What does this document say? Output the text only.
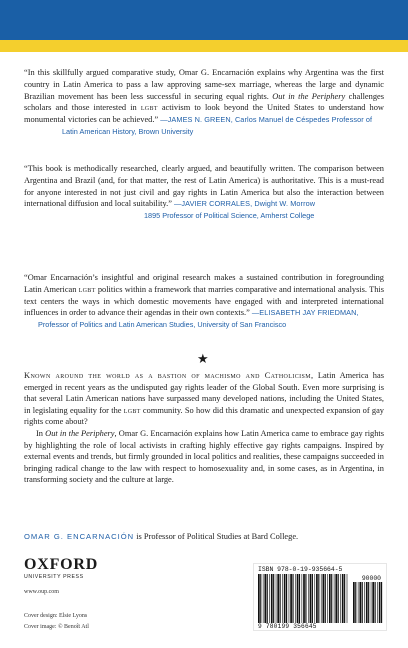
“In this skillfully argued comparative study, Omar G. Encarnación explains why Argentina was the first country in Latin America to pass a law approving same-sex marriage, whereas the large and dynamic Brazilian movement has been less successful in securing equal rights. Out in the Periphery challenges scholars and those interested in lgbt activism to look beyond the United States to understand how monumental victories can be achieved.” —JAMES N. GREEN, Carlos Manuel de Céspedes Professor of
Latin American History, Brown University
“This book is methodically researched, clearly argued, and beautifully written. The comparison between Argentina and Brazil (and, for that matter, the rest of Latin America) is authoritative. This is a must-read for anyone interested in not just civil and gay rights in Latin America but also the interaction between international diffusion and local suitability.” —JAVIER CORRALES, Dwight W. Morrow
1895 Professor of Political Science, Amherst College
“Omar Encarnación’s insightful and original research makes a sustained contribution in foregrounding Latin American lgbt politics within a framework that marries comparative and international analysis. This text centers the ways in which domestic movements have engaged with and interpreted international influences in order to advance their agendas in their own contexts.” —ELISABETH JAY FRIEDMAN,
Professor of Politics and Latin American Studies, University of San Francisco
★

Known around the world as a bastion of machismo and Catholicism, Latin America has emerged in recent years as the undisputed gay rights leader of the Global South. Even more surprising is that several Latin American nations have surpassed many developed nations, including the United States, in legislating equality for the lgbt community. So how did this dramatic and unexpected expansion of gay rights come about?

In Out in the Periphery, Omar G. Encarnación explains how Latin America came to embrace gay rights by highlighting the role of local activists in crafting highly effective gay rights campaigns. Inspired by external events and trends, but firmly grounded in local politics and realities, these campaigns succeeded in bringing radical change to the law with respect to homosexuality and, in some cases, as in Argentina, in transforming society and the culture at large.

OMAR G. ENCARNACIÓN is Professor of Political Studies at Bard College.
OXFORD
UNIVERSITY PRESS
www.oup.com
Cover design: Elsie Lyons
Cover image: © Benoît Atl
ISBN 978-0-19-935664-5
90000
9 780199 356645
